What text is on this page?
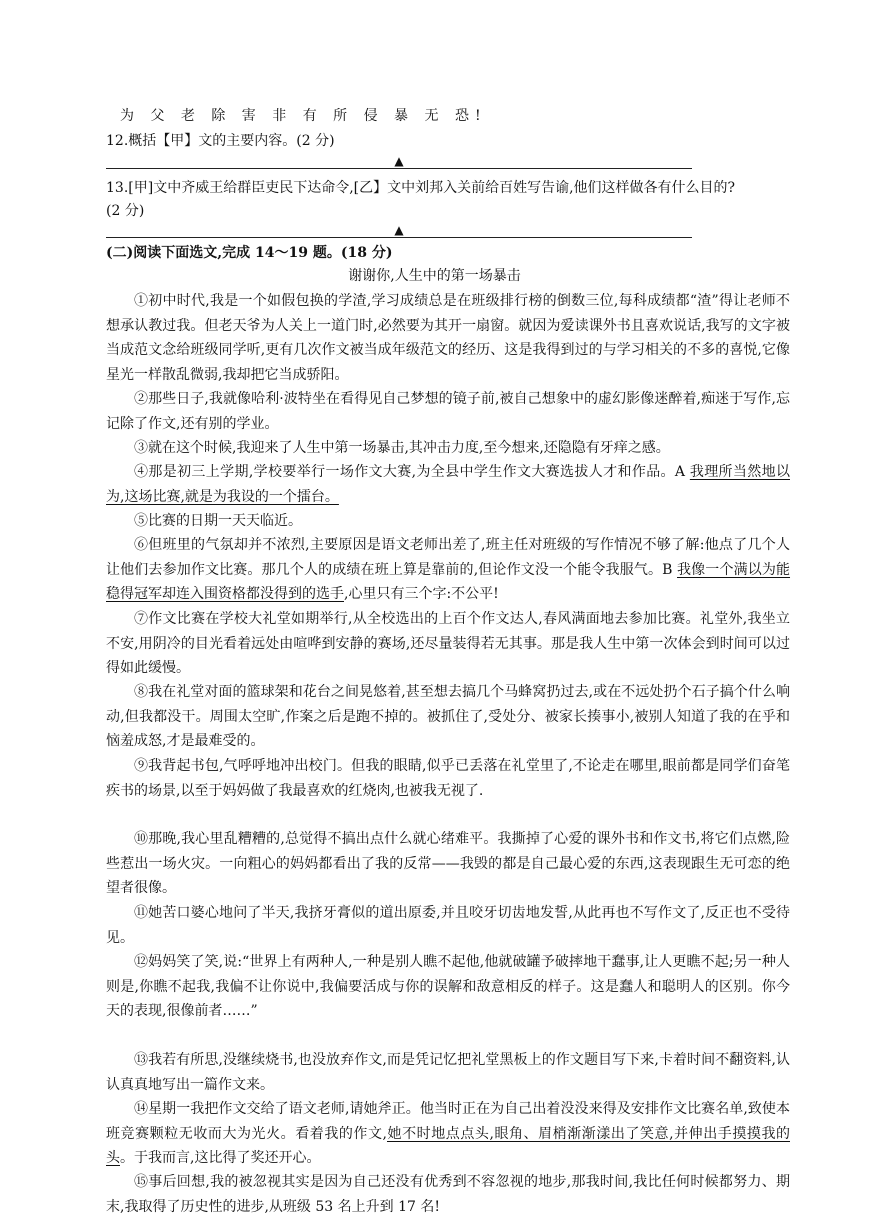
为 父 老 除 害 非 有 所 侵 暴 无 恐!
12.概括【甲】文的主要内容。(2 分)
▲
13.[甲]文中齐威王给群臣吏民下达命令,[乙】文中刘邦入关前给百姓写告谕,他们这样做各有什么目的?
(2 分)
▲
(二)阅读下面选文,完成 14～19 题。(18 分)
谢谢你,人生中的第一场暴击
①初中时代,我是一个如假包换的学渣,学习成绩总是在班级排行榜的倒数三位,每科成绩都“渣”得让老师不想承认教过我。但老天爷为人关上一道门时,必然要为其开一扇窗。就因为爱读课外书且喜欢说话,我写的文字被当成范文念给班级同学听,更有几次作文被当成年级范文的经历、这是我得到过的与学习相关的不多的喜悦,它像星光一样散乱微弱,我却把它当成骄阳。
②那些日子,我就像哈利·波特坐在看得见自己梦想的镜子前,被自己想象中的虚幻影像迷醉着,痴迷于写作,忘记除了作文,还有别的学业。
③就在这个时候,我迎来了人生中第一场暴击,其冲击力度,至今想来,还隐隐有牙痒之感。
④那是初三上学期,学校要举行一场作文大赛,为全县中学生作文大赛选拔人才和作品。A 我理所当然地以为,这场比赛,就是为我设的一个擂台。
⑤比赛的日期一天天临近。
⑥但班里的气氛却并不浓烈,主要原因是语文老师出差了,班主任对班级的写作情况不够了解:他点了几个人让他们去参加作文比赛。那几个人的成绩在班上算是靠前的,但论作文没一个能令我服气。B 我像一个满以为能稳得冠军却连入围资格都没得到的选手,心里只有三个字:不公平!
⑦作文比赛在学校大礼堂如期举行,从全校选出的上百个作文达人,春风满面地去参加比赛。礼堂外,我坐立不安,用阴冷的目光看着远处由喧哗到安静的赛场,还尽量装得若无其事。那是我人生中第一次体会到时间可以过得如此缓慢。
⑧我在礼堂对面的篮球架和花台之间晃悠着,甚至想去搞几个马蜂窝扔过去,或在不远处扔个石子搞个什么响动,但我都没干。周围太空旷,作案之后是跑不掉的。被抓住了,受处分、被家长揍事小,被别人知道了我的在乎和恼羞成怒,才是最难受的。
⑨我背起书包,气呼呼地冲出校门。但我的眼睛,似乎已丢落在礼堂里了,不论走在哪里,眼前都是同学们奋笔疾书的场景,以至于妈妈做了我最喜欢的红烧肉,也被我无视了.
⑩那晚,我心里乱糟糟的,总觉得不搞出点什么就心绪难平。我撕掉了心爱的课外书和作文书,将它们点燃,险些惹出一场火灾。一向粗心的妈妈都看出了我的反常——我毁的都是自己最心爱的东西,这表现跟生无可恋的绝望者很像。
⑪她苦口婆心地问了半天,我挤牙膏似的道出原委,并且咬牙切齿地发誓,从此再也不写作文了,反正也不受待见。
⑫妈妈笑了笑,说:“世界上有两种人,一种是别人瞧不起他,他就破罐予破摔地干蠢事,让人更瞧不起;另一种人则是,你瞧不起我,我偏不让你说中,我偏要活成与你的误解和敌意相反的样子。这是蠢人和聪明人的区别。你今天的表现,很像前者……”
⑬我若有所思,没继续烧书,也没放弃作文,而是凭记忆把礼堂黑板上的作文题目写下来,卡着时间不翻资料,认认真真地写出一篇作文来。
⑭星期一我把作文交给了语文老师,请她斧正。他当时正在为自己出着没没来得及安排作文比赛名单,致使本班竞赛颗粒无收而大为光火。看着我的作文,她不时地点点头,眼角、眉梢渐渐漾出了笑意,并伸出手摸摸我的头。于我而言,这比得了奖还开心。
⑮事后回想,我的被忽视其实是因为自己还没有优秀到不容忽视的地步,那我时间,我比任何时候都努力、期末,我取得了历史性的进步,从班级 53 名上升到 17 名!
